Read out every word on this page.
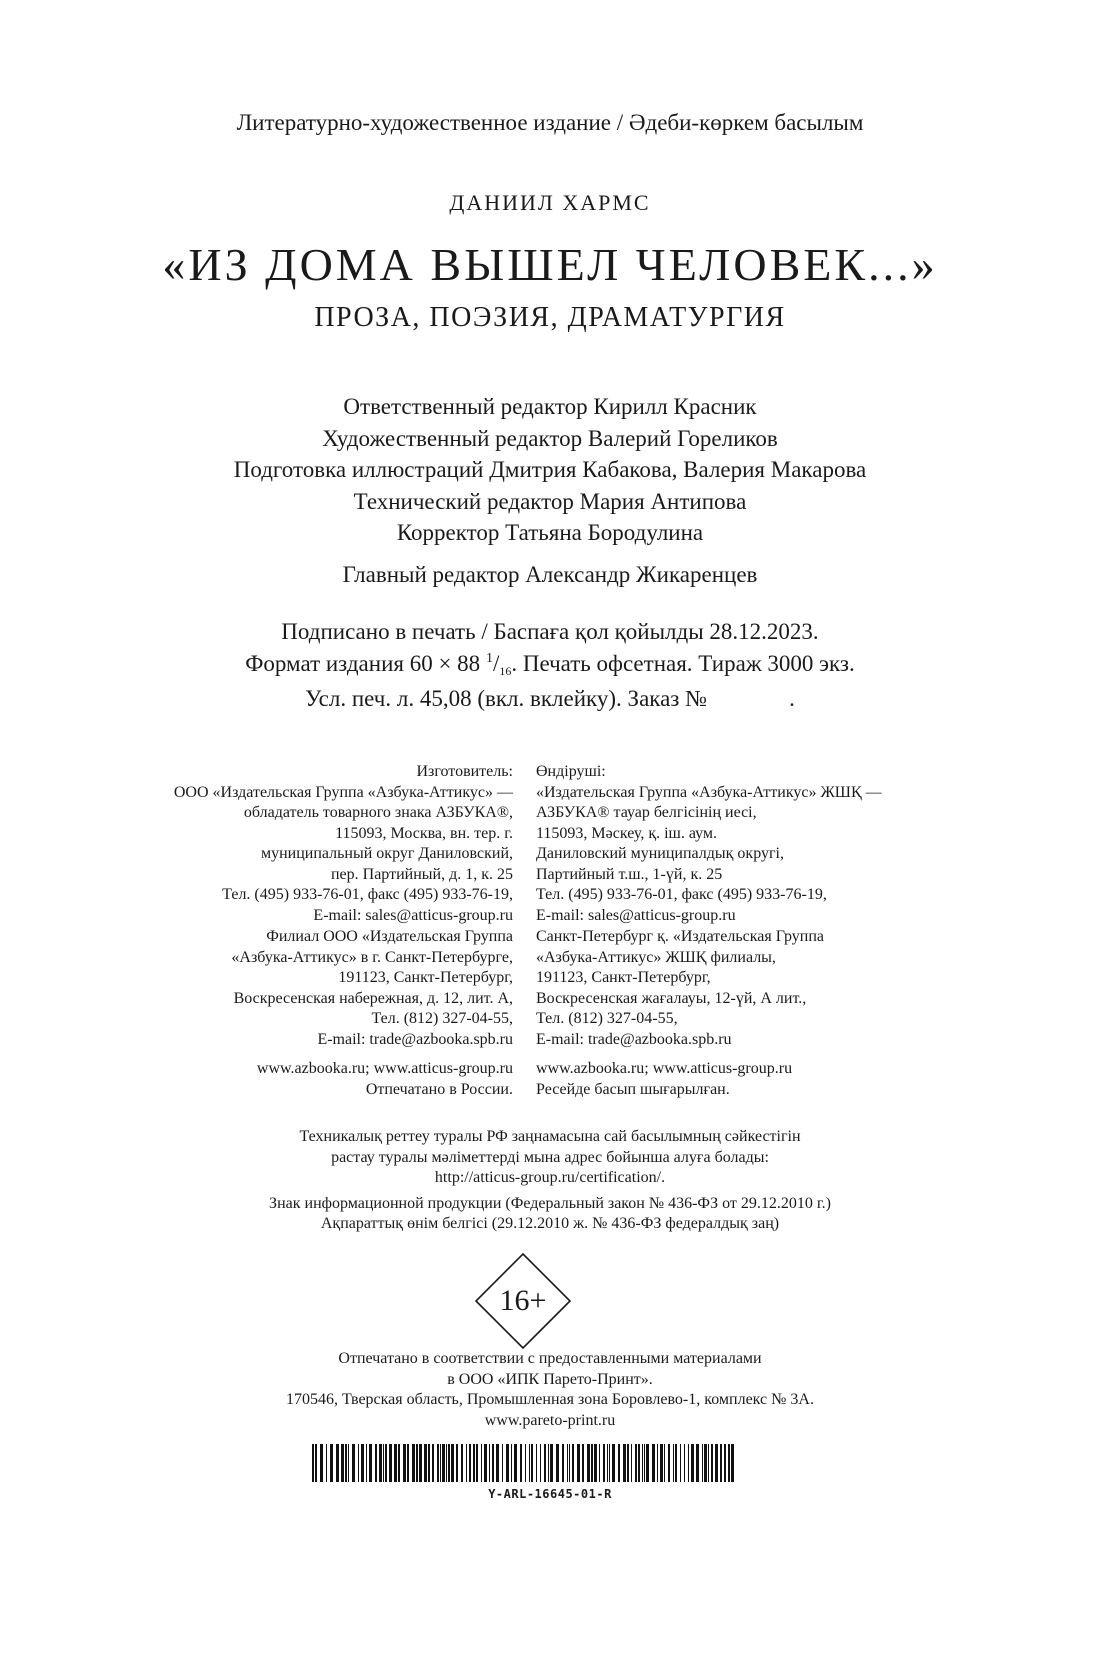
Литературно-художественное издание / Әдеби-көркем басылым
ДАНИИЛ ХАРМС
«ИЗ ДОМА ВЫШЕЛ ЧЕЛОВЕК...»
ПРОЗА, ПОЭЗИЯ, ДРАМАТУРГИЯ
Ответственный редактор Кирилл Красник
Художественный редактор Валерий Гореликов
Подготовка иллюстраций Дмитрия Кабакова, Валерия Макарова
Технический редактор Мария Антипова
Корректор Татьяна Бородулина
Главный редактор Александр Жикаренцев
Подписано в печать / Баспаға қол қойылды 28.12.2023.
Формат издания 60 × 88 $^1/_{16}$. Печать офсетная. Тираж 3000 экз.
Усл. печ. л. 45,08 (вкл. вклейку). Заказ №	.
Изготовитель:
ООО «Издательская Группа «Азбука-Аттикус» —
обладатель товарного знака АЗБУКА®,
115093, Москва, вн. тер. г.
муниципальный округ Даниловский,
пер. Партийный, д. 1, к. 25
Тел. (495) 933-76-01, факс (495) 933-76-19,
E-mail: sales@atticus-group.ru
Филиал ООО «Издательская Группа
«Азбука-Аттикус» в г. Санкт-Петербурге,
191123, Санкт-Петербург,
Воскресенская набережная, д. 12, лит. А,
Тел. (812) 327-04-55,
E-mail: trade@azbooka.spb.ru
www.azbooka.ru; www.atticus-group.ru
Отпечатано в России.
Өндіруші:
«Издательская Группа «Азбука-Аттикус» ЖШҚ —
АЗБУКА® тауар белгісінің иесі,
115093, Мәскеу, қ. іш. аум.
Даниловский муниципалдық округі,
Партийный т.ш., 1-үй, к. 25
Тел. (495) 933-76-01, факс (495) 933-76-19,
E-mail: sales@atticus-group.ru
Санкт-Петербург қ. «Издательская Группа
«Азбука-Аттикус» ЖШҚ филиалы,
191123, Санкт-Петербург,
Воскресенская жағалауы, 12-үй, А лит.,
Тел. (812) 327-04-55,
E-mail: trade@azbooka.spb.ru
www.azbooka.ru; www.atticus-group.ru
Ресейде басып шығарылған.
Техникалық реттеу туралы РФ заңнамасына сай басылымның сәйкестігін
растау туралы мәліметтерді мына адрес бойынша алуға болады:
http://atticus-group.ru/certification/.
Знак информационной продукции (Федеральный закон № 436-ФЗ от 29.12.2010 г.)
Ақпараттық өнім белгісі (29.12.2010 ж. № 436-ФЗ федералдық заң)
16+
Отпечатано в соответствии с предоставленными материалами
в ООО «ИПК Парето-Принт».
170546, Тверская область, Промышленная зона Боровлево-1, комплекс № 3А.
www.pareto-print.ru
Y-ARL-16645-01-R
